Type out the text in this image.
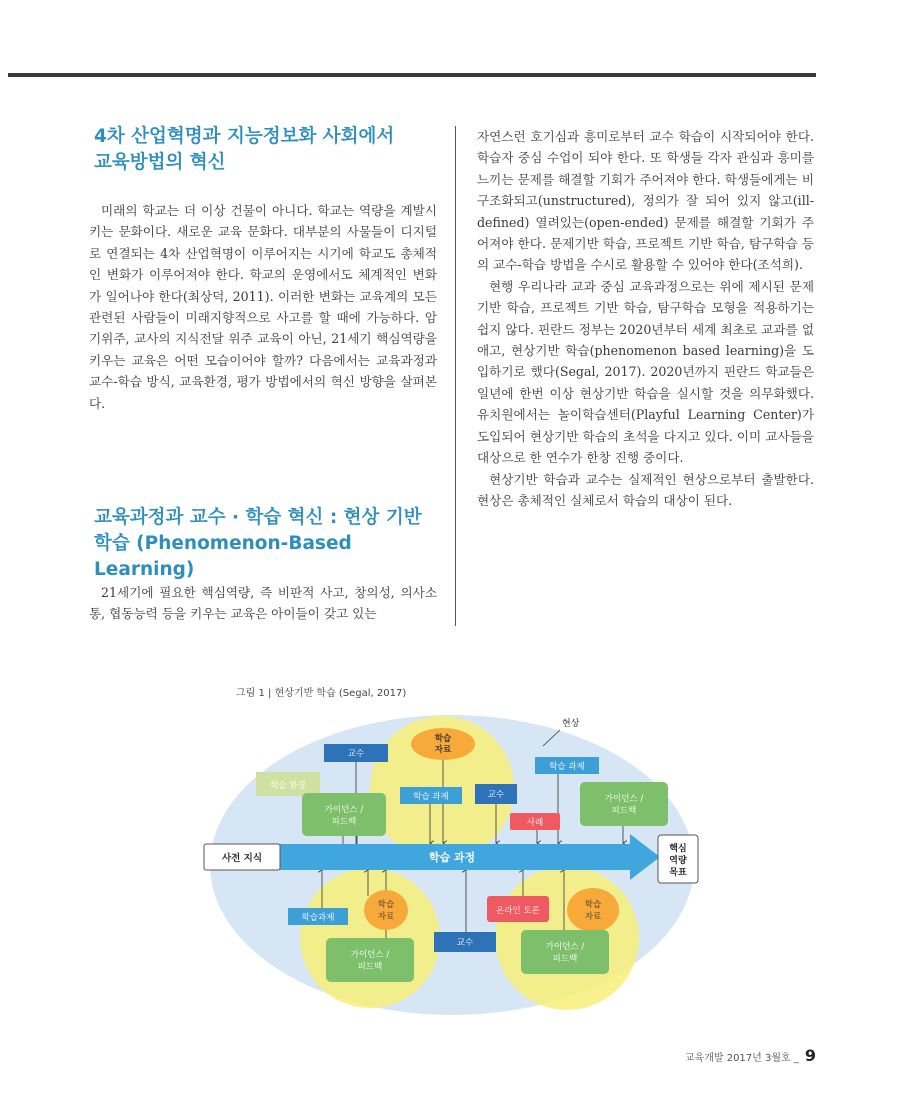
4차 산업혁명과 지능정보화 사회에서
교육방법의 혁신

미래의 학교는 더 이상 건물이 아니다. 학교는 역량을 계발시키는 문화이다. 새로운 교육 문화다. 대부분의 사물들이 디지털로 연결되는 4차 산업혁명이 이루어지는 시기에 학교도 총체적인 변화가 이루어져야 한다. 학교의 운영에서도 체계적인 변화가 일어나야 한다(최상덕, 2011). 이러한 변화는 교육계의 모든 관련된 사람들이 미래지향적으로 사고를 할 때에 가능하다. 암기위주, 교사의 지식전달 위주 교육이 아닌, 21세기 핵심역량을 키우는 교육은 어떤 모습이어야 할까? 다음에서는 교육과정과 교수-학습 방식, 교육환경, 평가 방법에서의 혁신 방향을 살펴본다.

교육과정과 교수 · 학습 혁신 : 현상 기반
학습 (Phenomenon-Based Learning)

21세기에 필요한 핵심역량, 즉 비판적 사고, 창의성, 의사소통, 협동능력 등을 키우는 교육은 아이들이 갖고 있는

자연스런 호기심과 흥미로부터 교수 학습이 시작되어야 한다. 학습자 중심 수업이 되야 한다. 또 학생들 각자 관심과 흥미를 느끼는 문제를 해결할 기회가 주어져야 한다. 학생들에게는 비구조화되고(unstructured), 정의가 잘 되어 있지 않고(ill-defined) 열려있는(open-ended) 문제를 해결할 기회가 주어져야 한다. 문제기반 학습, 프로젝트 기반 학습, 탐구학습 등의 교수-학습 방법을 수시로 활용할 수 있어야 한다(조석희).

현행 우리나라 교과 중심 교육과정으로는 위에 제시된 문제기반 학습, 프로젝트 기반 학습, 탐구학습 모형을 적용하기는 쉽지 않다. 핀란드 정부는 2020년부터 세계 최초로 교과를 없애고, 현상기반 학습(phenomenon based learning)을 도입하기로 했다(Segal, 2017). 2020년까지 핀란드 학교들은 일년에 한번 이상 현상기반 학습을 실시할 것을 의무화했다. 유치원에서는 놀이학습센터(Playful Learning Center)가 도입되어 현상기반 학습의 초석을 다지고 있다. 이미 교사들을 대상으로 한 연수가 한창 진행 중이다.

현상기반 학습과 교수는 실제적인 현상으로부터 출발한다. 현상은 총체적인 실체로서 학습의 대상이 된다.

그림 1 | 현상기반 학습 (Segal, 2017)
현상
학습 과정
사전 지식
핵심
역량
목표
교수
학습
자료
학습 과제
학습 환경
가이던스 /
피드백
학습 과제	교수
사례
가이던스 /
피드백
학습과제
학습
자료
가이던스 /
피드백
교수
온라인 토론
학습
자료
가이던스 /
피드백
교육개발 2017년 3월호 _ 9
